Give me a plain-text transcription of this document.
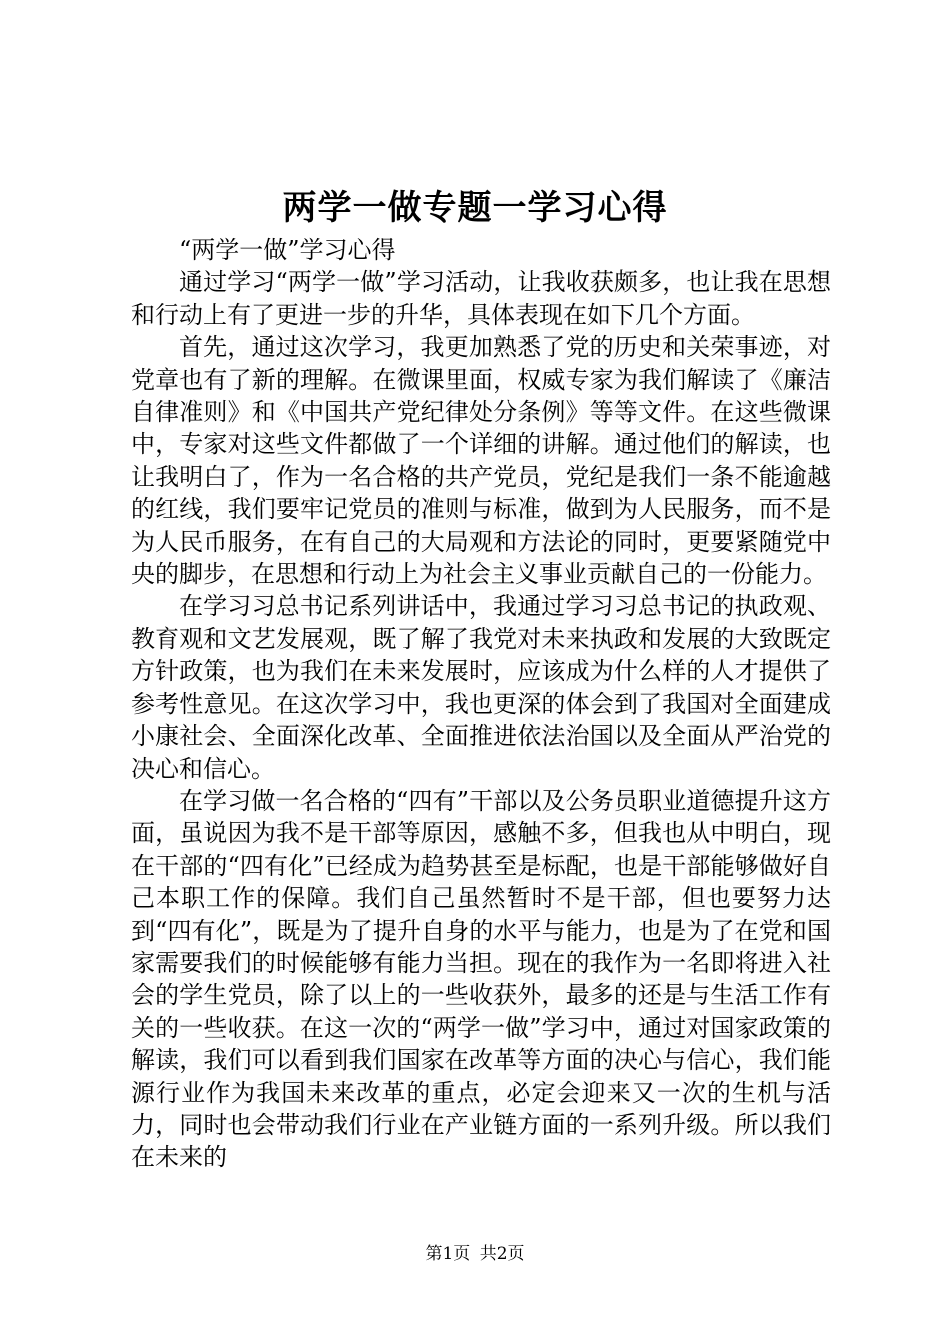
两学一做专题一学习心得

“两学一做”学习心得

通过学习“两学一做”学习活动，让我收获颇多，也让我在思想和行动上有了更进一步的升华，具体表现在如下几个方面。

首先，通过这次学习，我更加熟悉了党的历史和关荣事迹，对党章也有了新的理解。在微课里面，权威专家为我们解读了《廉洁自律准则》和《中国共产党纪律处分条例》等等文件。在这些微课中，专家对这些文件都做了一个详细的讲解。通过他们的解读，也让我明白了，作为一名合格的共产党员，党纪是我们一条不能逾越的红线，我们要牢记党员的准则与标准，做到为人民服务，而不是为人民币服务，在有自己的大局观和方法论的同时，更要紧随党中央的脚步，在思想和行动上为社会主义事业贡献自己的一份能力。

在学习习总书记系列讲话中，我通过学习习总书记的执政观、教育观和文艺发展观，既了解了我党对未来执政和发展的大致既定方针政策，也为我们在未来发展时，应该成为什么样的人才提供了参考性意见。在这次学习中，我也更深的体会到了我国对全面建成小康社会、全面深化改革、全面推进依法治国以及全面从严治党的决心和信心。

在学习做一名合格的“四有”干部以及公务员职业道德提升这方面，虽说因为我不是干部等原因，感触不多，但我也从中明白，现在干部的“四有化”已经成为趋势甚至是标配，也是干部能够做好自己本职工作的保障。我们自己虽然暂时不是干部，但也要努力达到“四有化”，既是为了提升自身的水平与能力，也是为了在党和国家需要我们的时候能够有能力当担。现在的我作为一名即将进入社会的学生党员，除了以上的一些收获外，最多的还是与生活工作有关的一些收获。在这一次的“两学一做”学习中，通过对国家政策的解读，我们可以看到我们国家在改革等方面的决心与信心，我们能源行业作为我国未来改革的重点，必定会迎来又一次的生机与活力，同时也会带动我们行业在产业链方面的一系列升级。所以我们在未来的

第1页 共2页
